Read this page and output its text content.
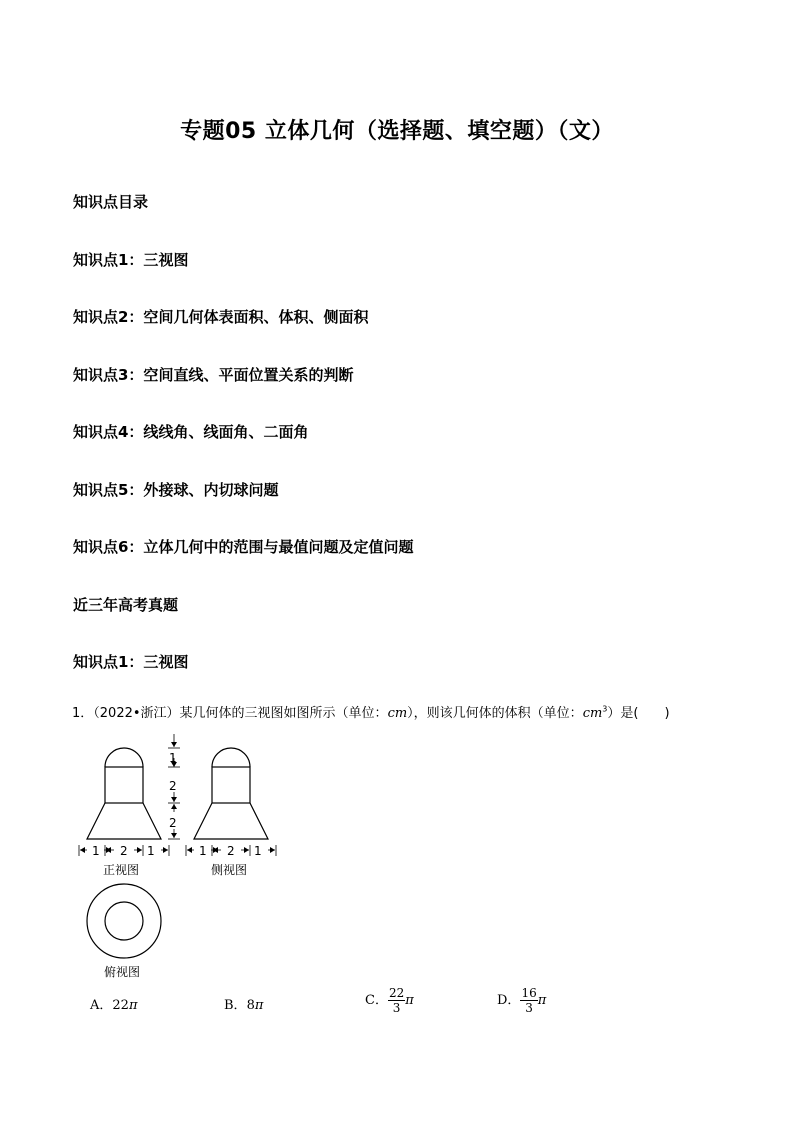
专题05 立体几何（选择题、填空题）（文）
知识点目录
知识点1：三视图
知识点2：空间几何体表面积、体积、侧面积
知识点3：空间直线、平面位置关系的判断
知识点4：线线角、线面角、二面角
知识点5：外接球、内切球问题
知识点6：立体几何中的范围与最值问题及定值问题
近三年高考真题
知识点1：三视图
1．（2022•浙江）某几何体的三视图如图所示（单位：cm），则该几何体的体积（单位：$cm^3$）是(　　)
1
2
2
1 2 1	1 2 1
正视图	侧视图
俯视图
A．22π	B．8π	C． $\frac{22}{3}$ π	D． $\frac{16}{3}$ π
